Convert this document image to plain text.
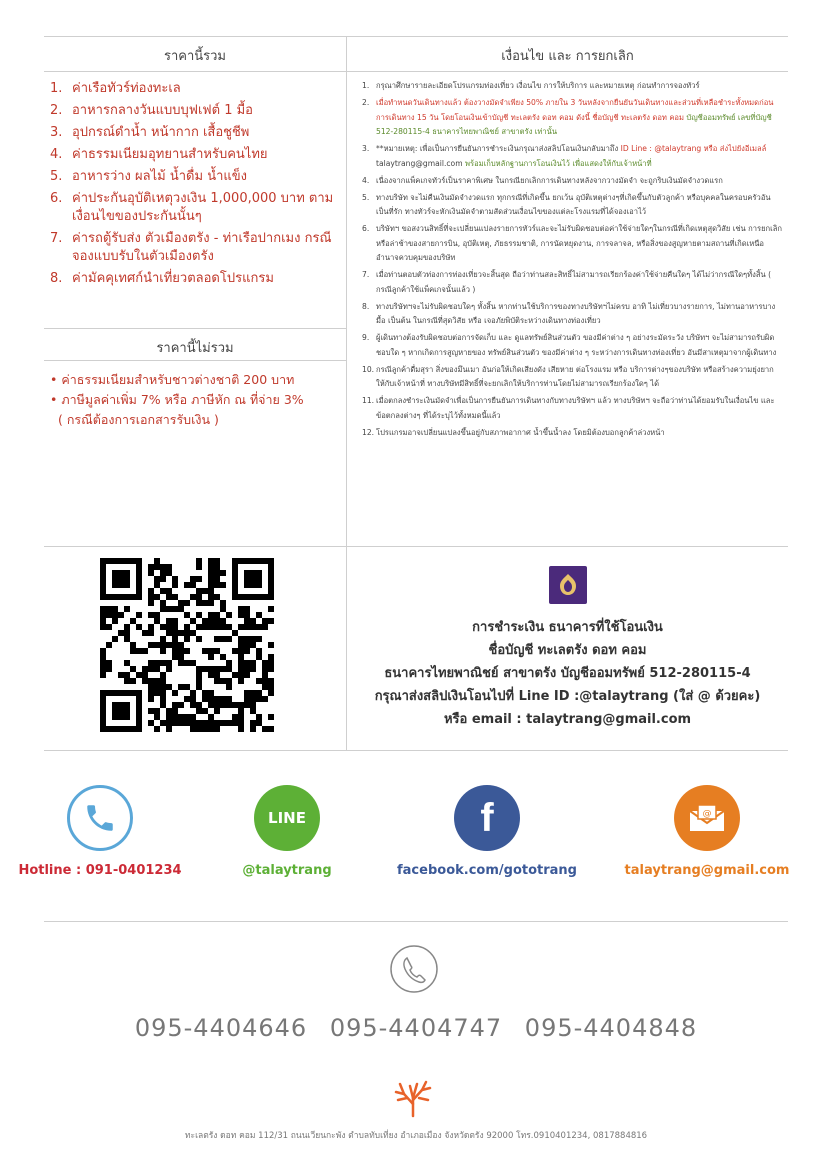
ราคานี้รวม	เงื่อนไข และ การยกเลิก
ราคานี้ไม่รวม
1. ค่าเรือทัวร์ท่องทะเล
2. อาหารกลางวันแบบบุฟเฟต์ 1 มื้อ
3. อุปกรณ์ดำน้ำ หน้ากาก เสื้อชูชีพ
4. ค่าธรรมเนียมอุทยานสำหรับคนไทย
5. อาหารว่าง ผลไม้ น้ำดื่ม น้ำแข็ง
6. ค่าประกันอุบัติเหตุวงเงิน 1,000,000 บาท ตามเงื่อนไขของประกันนั้นๆ
7. ค่ารถตู้รับส่ง ตัวเมืองตรัง - ท่าเรือปากเมง กรณีจองแบบรับในตัวเมืองตรัง
8. ค่ามัคคุเทศก์นำเที่ยวตลอดโปรแกรม
• ค่าธรรมเนียมสำหรับชาวต่างชาติ 200 บาท
• ภาษีมูลค่าเพิ่ม 7% หรือ ภาษีหัก ณ ที่จ่าย 3%
( กรณีต้องการเอกสารรับเงิน )
1. กรุณาศึกษารายละเอียดโปรแกรมท่องเที่ยว เงื่อนไข การให้บริการ และหมายเหตุ ก่อนทำการจองทัวร์
2. เมื่อทำหนดวันเดินทางแล้ว ต้องวางมัดจำเพียง 50% ภายใน 3 วันหลังจากยืนยันวันเดินทางและส่วนที่เหลือชำระทั้งหมดก่อนการเดินทาง 15 วัน โดยโอนเงินเข้าบัญชี ทะเลตรัง ดอท คอม ดังนี้ ชื่อบัญชี ทะเลตรัง ดอท คอม บัญชีออมทรัพย์ เลขที่บัญชี 512-280115-4 ธนาคารไทยพาณิชย์ สาขาตรัง เท่านั้น
3. **หมายเหตุ: เพื่อเป็นการยืนยันการชำระเงินกรุณาส่งสลิปโอนเงินกลับมาถึง ID Line : @talaytrang หรือ ส่งไปยังอีเมลล์ talaytrang@gmail.com พร้อมเก็บหลักฐานการโอนเงินไว้ เพื่อแสดงให้กับเจ้าหน้าที่
4. เนื่องจากแพ็คเกจทัวร์เป็นราคาพิเศษ ในกรณียกเลิกการเดินทางหลังจากวางมัดจำ จะถูกริบเงินมัดจำงวดแรก
5. ทางบริษัท จะไม่คืนเงินมัดจำงวดแรก ทุกกรณีที่เกิดขึ้น ยกเว้น อุบัติเหตุต่างๆที่เกิดขึ้นกับตัวลูกค้า หรือบุคคลในครอบครัวอันเป็นที่รัก ทางทัวร์จะหักเงินมัดจำตามสัดส่วนเงื่อนไขของแต่ละโรงแรมที่ได้จองเอาไว้
6. บริษัทฯ ขอสงวนสิทธิ์ที่จะเปลี่ยนแปลงรายการทัวร์และจะไม่รับผิดชอบต่อค่าใช้จ่ายใดๆในกรณีที่เกิดเหตุสุดวิสัย เช่น การยกเลิกหรือล่าช้าของสายการบิน, อุบัติเหตุ, ภัยธรรมชาติ, การนัดหยุดงาน, การจลาจล, หรือสิ่งของสูญหายตามสถานที่เกิดเหนืออำนาจควบคุมของบริษัท
7. เมื่อท่านตอบตัวท่องการท่องเที่ยวจะสิ้นสุด ถือว่าท่านสละสิทธิ์ไม่สามารถเรียกร้องค่าใช้จ่ายคืนใดๆ ได้ไม่ว่ากรณีใดๆทั้งสิ้น ( กรณีลูกค้าใช้แพ็คเกจนั้นแล้ว )
8. ทางบริษัทฯจะไม่รับผิดชอบใดๆ ทั้งสิ้น หากท่านใช้บริการของทางบริษัทฯไม่ครบ อาทิ ไม่เที่ยวบางรายการ, ไม่ทานอาหารบางมื้อ เป็นต้น ในกรณีที่สุดวิสัย หรือ เจอภัยพิบัติระหว่างเดินทางท่องเที่ยว
9. ผู้เดินทางต้องรับผิดชอบต่อการจัดเก็บ และ ดูแลทรัพย์สินส่วนตัว ของมีค่าต่าง ๆ อย่างระมัดระวัง บริษัทฯ จะไม่สามารถรับผิดชอบใด ๆ หากเกิดการสูญหายของ ทรัพย์สินส่วนตัว ของมีค่าต่าง ๆ ระหว่างการเดินทางท่องเที่ยว อันมีสาเหตุมาจากผู้เดินทาง
10. กรณีลูกค้าดื่มสุรา สิ่งของมึนเมา อันก่อให้เกิดเสียงดัง เสียหาย ต่อโรงแรม หรือ บริการต่างๆของบริษัท หรือสร้างความยุ่งยากให้กับเจ้าหน้าที่ ทางบริษัทมีสิทธิ์ที่จะยกเลิกให้บริการท่านโดยไม่สามารถเรียกร้องใดๆ ได้
11. เมื่อตกลงชำระเงินมัดจำเพื่อเป็นการยืนยันการเดินทางกับทางบริษัทฯ แล้ว ทางบริษัทฯ จะถือว่าท่านได้ยอมรับในเงื่อนไข และข้อตกลงต่างๆ ที่ได้ระบุไว้ทั้งหมดนี้แล้ว
12. โปรแกรมอาจเปลี่ยนแปลงขึ้นอยู่กับสภาพอากาศ น้ำขึ้นน้ำลง โดยมิต้องบอกลูกค้าล่วงหน้า
การชำระเงิน ธนาคารที่ใช้โอนเงิน
ชื่อบัญชี ทะเลตรัง ดอท คอม
ธนาคารไทยพาณิชย์ สาขาตรัง บัญชีออมทรัพย์ 512-280115-4
กรุณาส่งสลิปเงินโอนไปที่ Line ID :@talaytrang (ใส่ @ ด้วยคะ)
หรือ email : talaytrang@gmail.com
Hotline : 091-0401234
LINE
@talaytrang
f
facebook.com/gototrang
@
talaytrang@gmail.com
095-4404646 095-4404747 095-4404848
ทะเลตรัง ดอท คอม 112/31 ถนนเวียนกะพัง ตำบลทับเที่ยง อำเภอเมือง จังหวัดตรัง 92000 โทร.0910401234, 0817884816
